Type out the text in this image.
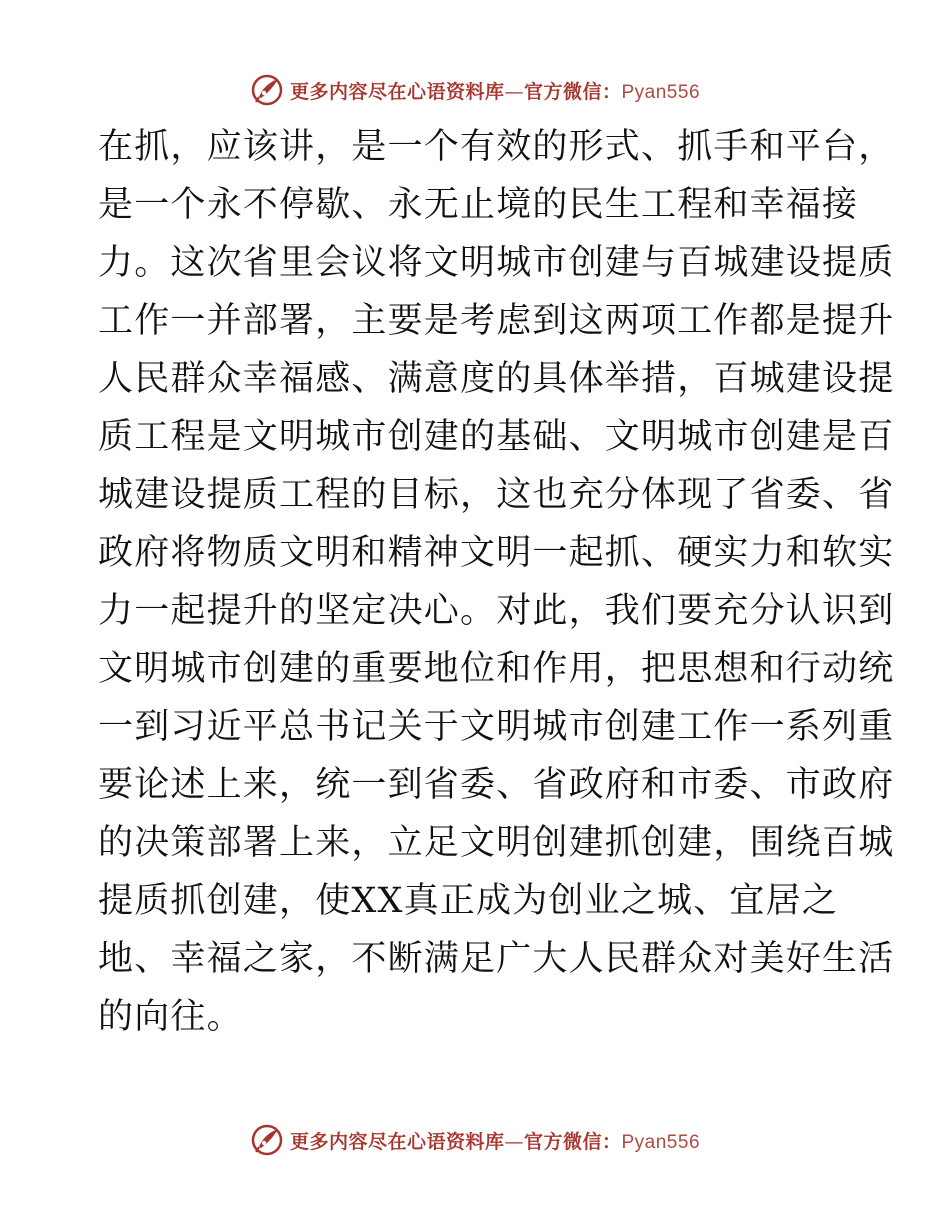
更多内容尽在心语资料库—官方微信：Pyan556
在抓，应该讲，是一个有效的形式、抓手和平台，
是一个永不停歇、永无止境的民生工程和幸福接
力。这次省里会议将文明城市创建与百城建设提质
工作一并部署，主要是考虑到这两项工作都是提升
人民群众幸福感、满意度的具体举措，百城建设提
质工程是文明城市创建的基础、文明城市创建是百
城建设提质工程的目标，这也充分体现了省委、省
政府将物质文明和精神文明一起抓、硬实力和软实
力一起提升的坚定决心。对此，我们要充分认识到
文明城市创建的重要地位和作用，把思想和行动统
一到习近平总书记关于文明城市创建工作一系列重
要论述上来，统一到省委、省政府和市委、市政府
的决策部署上来，立足文明创建抓创建，围绕百城
提质抓创建，使XX真正成为创业之城、宜居之
地、幸福之家，不断满足广大人民群众对美好生活
的向往。
更多内容尽在心语资料库—官方微信：Pyan556
